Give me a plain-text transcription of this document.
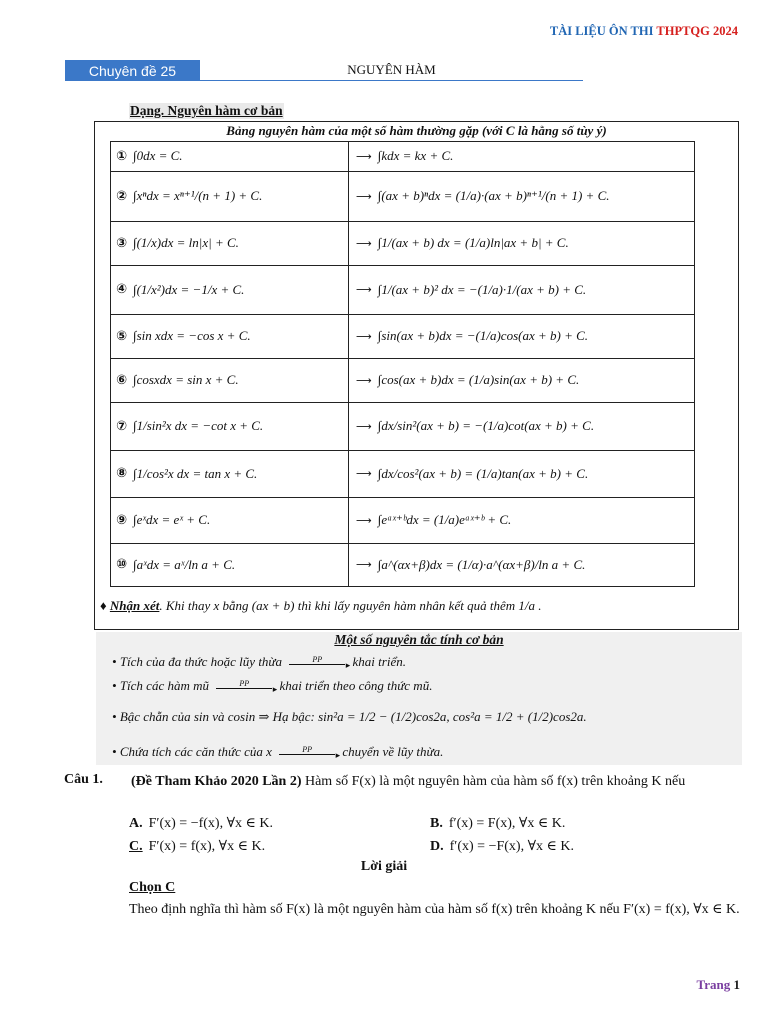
TÀI LIỆU ÔN THI THPTQG 2024
Chuyên đề 25	NGUYÊN HÀM
Dạng. Nguyên hàm cơ bản
Bảng nguyên hàm của một số hàm thường gặp (với C là hằng số tùy ý)
① ∫0dx = C.	⟶ ∫kdx = kx + C.
② ∫xⁿdx = xⁿ⁺¹/(n + 1) + C.	⟶ ∫(ax + b)ⁿdx = (1/a)·(ax + b)ⁿ⁺¹/(n + 1) + C.
③ ∫(1/x)dx = ln|x| + C.	⟶ ∫1/(ax + b) dx = (1/a)ln|ax + b| + C.
④ ∫(1/x²)dx = −1/x + C.	⟶ ∫1/(ax + b)² dx = −(1/a)·1/(ax + b) + C.
⑤ ∫sin xdx = −cos x + C.	⟶ ∫sin(ax + b)dx = −(1/a)cos(ax + b) + C.
⑥ ∫cosxdx = sin x + C.	⟶ ∫cos(ax + b)dx = (1/a)sin(ax + b) + C.
⑦ ∫1/sin²x dx = −cot x + C.	⟶ ∫dx/sin²(ax + b) = −(1/a)cot(ax + b) + C.
⑧ ∫1/cos²x dx = tan x + C.	⟶ ∫dx/cos²(ax + b) = (1/a)tan(ax + b) + C.
⑨ ∫eˣdx = eˣ + C.	⟶ ∫eᵃˣ⁺ᵇdx = (1/a)eᵃˣ⁺ᵇ + C.
⑩ ∫aˣdx = aˣ/ln a + C.	⟶ ∫a^(αx+β)dx = (1/α)·a^(αx+β)/ln a + C.
♦ Nhận xét. Khi thay x bằng (ax + b) thì khi lấy nguyên hàm nhân kết quả thêm 1/a .
Một số nguyên tắc tính cơ bản
• Tích của đa thức hoặc lũy thừa	PP ▸ khai triển.
• Tích các hàm mũ	PP ▸ khai triển theo công thức mũ.
• Bậc chẵn của sin và cosin ⇒ Hạ bậc: sin²a = 1/2 − (1/2)cos2a, cos²a = 1/2 + (1/2)cos2a.
• Chứa tích các căn thức của x	PP ▸ chuyển về lũy thừa.
Câu 1. (Đề Tham Khảo 2020 Lần 2) Hàm số F(x) là một nguyên hàm của hàm số f(x) trên khoảng K nếu
A. F′(x) = −f(x), ∀x ∈ K.	B. f′(x) = F(x), ∀x ∈ K.
C. F′(x) = f(x), ∀x ∈ K.	D. f′(x) = −F(x), ∀x ∈ K.
Lời giải
Chọn C
Theo định nghĩa thì hàm số F(x) là một nguyên hàm của hàm số f(x) trên khoảng K nếu F′(x) = f(x), ∀x ∈ K.
Trang 1
